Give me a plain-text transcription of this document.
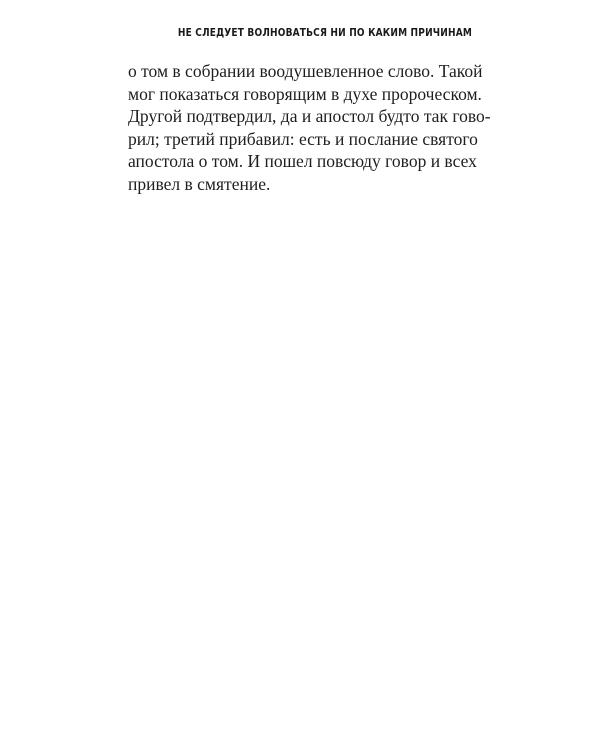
НЕ СЛЕДУЕТ ВОЛНОВАТЬСЯ НИ ПО КАКИМ ПРИЧИНАМ
о том в собрании воодушевленное слово. Такой
мог показаться говорящим в духе пророческом.
Другой подтвердил, да и апостол будто так гово-
рил; третий прибавил: есть и послание святого
апостола о том. И пошел повсюду говор и всех
привел в смятение.
